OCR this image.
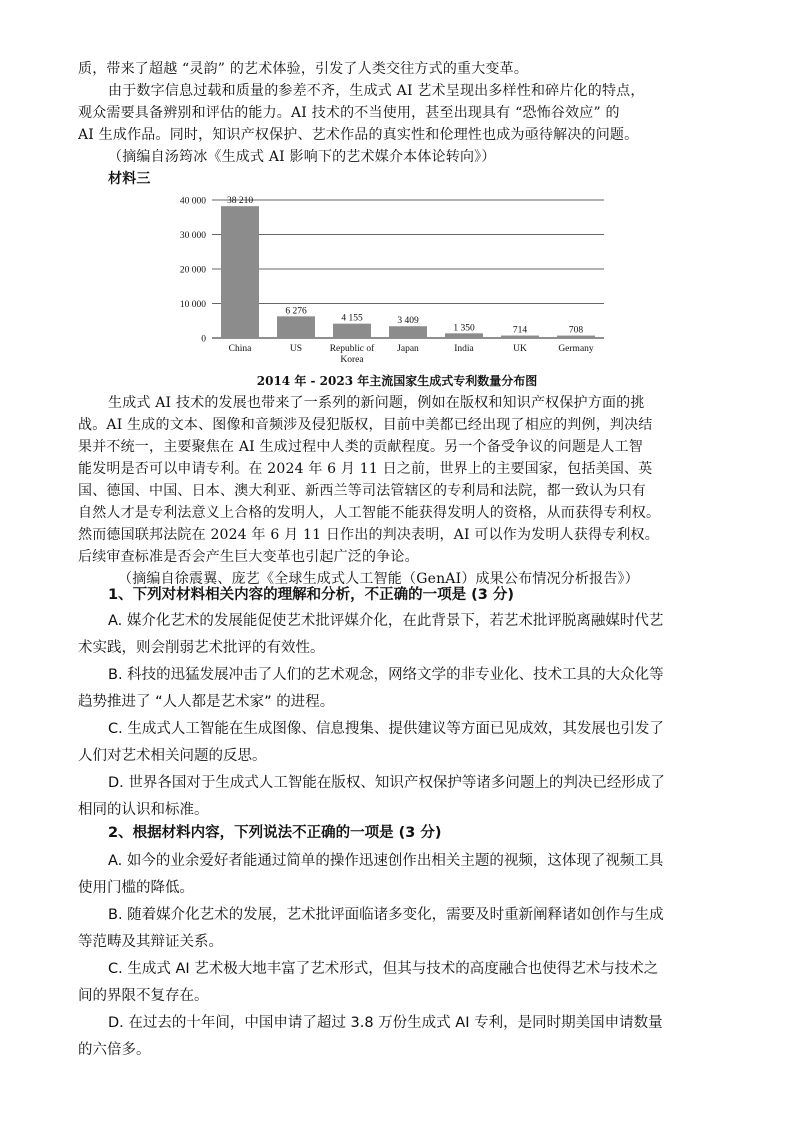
质，带来了超越 “灵韵” 的艺术体验，引发了人类交往方式的重大变革。
由于数字信息过载和质量的参差不齐，生成式 AI 艺术呈现出多样性和碎片化的特点，
观众需要具备辨别和评估的能力。AI 技术的不当使用，甚至出现具有 “恐怖谷效应” 的
AI 生成作品。同时，知识产权保护、艺术作品的真实性和伦理性也成为亟待解决的问题。
（摘编自汤筠冰《生成式 AI 影响下的艺术媒介本体论转向》）
材料三
0
10 000
20 000
30 000
40 000 38 210
6 276
4 155	3 409
1 350	714	708
China	US	Republic of
Korea
Japan	India	UK	Germany
2014 年 - 2023 年主流国家生成式专利数量分布图
生成式 AI 技术的发展也带来了一系列的新问题，例如在版权和知识产权保护方面的挑
战。AI 生成的文本、图像和音频涉及侵犯版权，目前中美都已经出现了相应的判例，判决结
果并不统一，主要聚焦在 AI 生成过程中人类的贡献程度。另一个备受争议的问题是人工智
能发明是否可以申请专利。在 2024 年 6 月 11 日之前，世界上的主要国家，包括美国、英
国、德国、中国、日本、澳大利亚、新西兰等司法管辖区的专利局和法院，都一致认为只有
自然人才是专利法意义上合格的发明人，人工智能不能获得发明人的资格，从而获得专利权。
然而德国联邦法院在 2024 年 6 月 11 日作出的判决表明，AI 可以作为发明人获得专利权。
后续审查标准是否会产生巨大变革也引起广泛的争论。
（摘编自徐震翼、庞艺《全球生成式人工智能（GenAI）成果公布情况分析报告》）
1、下列对材料相关内容的理解和分析，不正确的一项是 (3 分)
A. 媒介化艺术的发展能促使艺术批评媒介化，在此背景下，若艺术批评脱离融媒时代艺
术实践，则会削弱艺术批评的有效性。
B. 科技的迅猛发展冲击了人们的艺术观念，网络文学的非专业化、技术工具的大众化等
趋势推进了 “人人都是艺术家” 的进程。
C. 生成式人工智能在生成图像、信息搜集、提供建议等方面已见成效，其发展也引发了
人们对艺术相关问题的反思。
D. 世界各国对于生成式人工智能在版权、知识产权保护等诸多问题上的判决已经形成了
相同的认识和标准。
2、根据材料内容，下列说法不正确的一项是 (3 分)
A. 如今的业余爱好者能通过简单的操作迅速创作出相关主题的视频，这体现了视频工具
使用门槛的降低。
B. 随着媒介化艺术的发展，艺术批评面临诸多变化，需要及时重新阐释诸如创作与生成
等范畴及其辩证关系。
C. 生成式 AI 艺术极大地丰富了艺术形式，但其与技术的高度融合也使得艺术与技术之
间的界限不复存在。
D. 在过去的十年间，中国申请了超过 3.8 万份生成式 AI 专利，是同时期美国申请数量
的六倍多。
